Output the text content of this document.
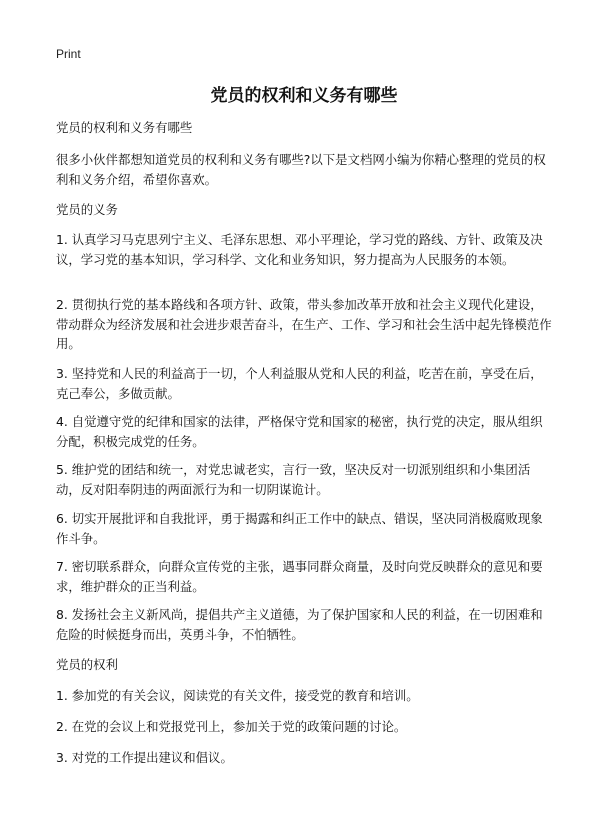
Print
党员的权利和义务有哪些

党员的权利和义务有哪些

很多小伙伴都想知道党员的权利和义务有哪些?以下是文档网小编为你精心整理的党员的权利和义务介绍，希望你喜欢。

党员的义务

1. 认真学习马克思列宁主义、毛泽东思想、邓小平理论，学习党的路线、方针、政策及决议，学习党的基本知识，学习科学、文化和业务知识，努力提高为人民服务的本领。

2. 贯彻执行党的基本路线和各项方针、政策，带头参加改革开放和社会主义现代化建设，带动群众为经济发展和社会进步艰苦奋斗，在生产、工作、学习和社会生活中起先锋模范作用。

3. 坚持党和人民的利益高于一切，个人利益服从党和人民的利益，吃苦在前，享受在后，克己奉公，多做贡献。

4. 自觉遵守党的纪律和国家的法律，严格保守党和国家的秘密，执行党的决定，服从组织分配，积极完成党的任务。

5. 维护党的团结和统一，对党忠诚老实，言行一致，坚决反对一切派别组织和小集团活动，反对阳奉阴违的两面派行为和一切阴谋诡计。

6. 切实开展批评和自我批评，勇于揭露和纠正工作中的缺点、错误，坚决同消极腐败现象作斗争。

7. 密切联系群众，向群众宣传党的主张，遇事同群众商量，及时向党反映群众的意见和要求，维护群众的正当利益。

8. 发扬社会主义新风尚，提倡共产主义道德，为了保护国家和人民的利益，在一切困难和危险的时候挺身而出，英勇斗争，不怕牺牲。

党员的权利

1. 参加党的有关会议，阅读党的有关文件，接受党的教育和培训。

2. 在党的会议上和党报党刊上，参加关于党的政策问题的讨论。

3. 对党的工作提出建议和倡议。
